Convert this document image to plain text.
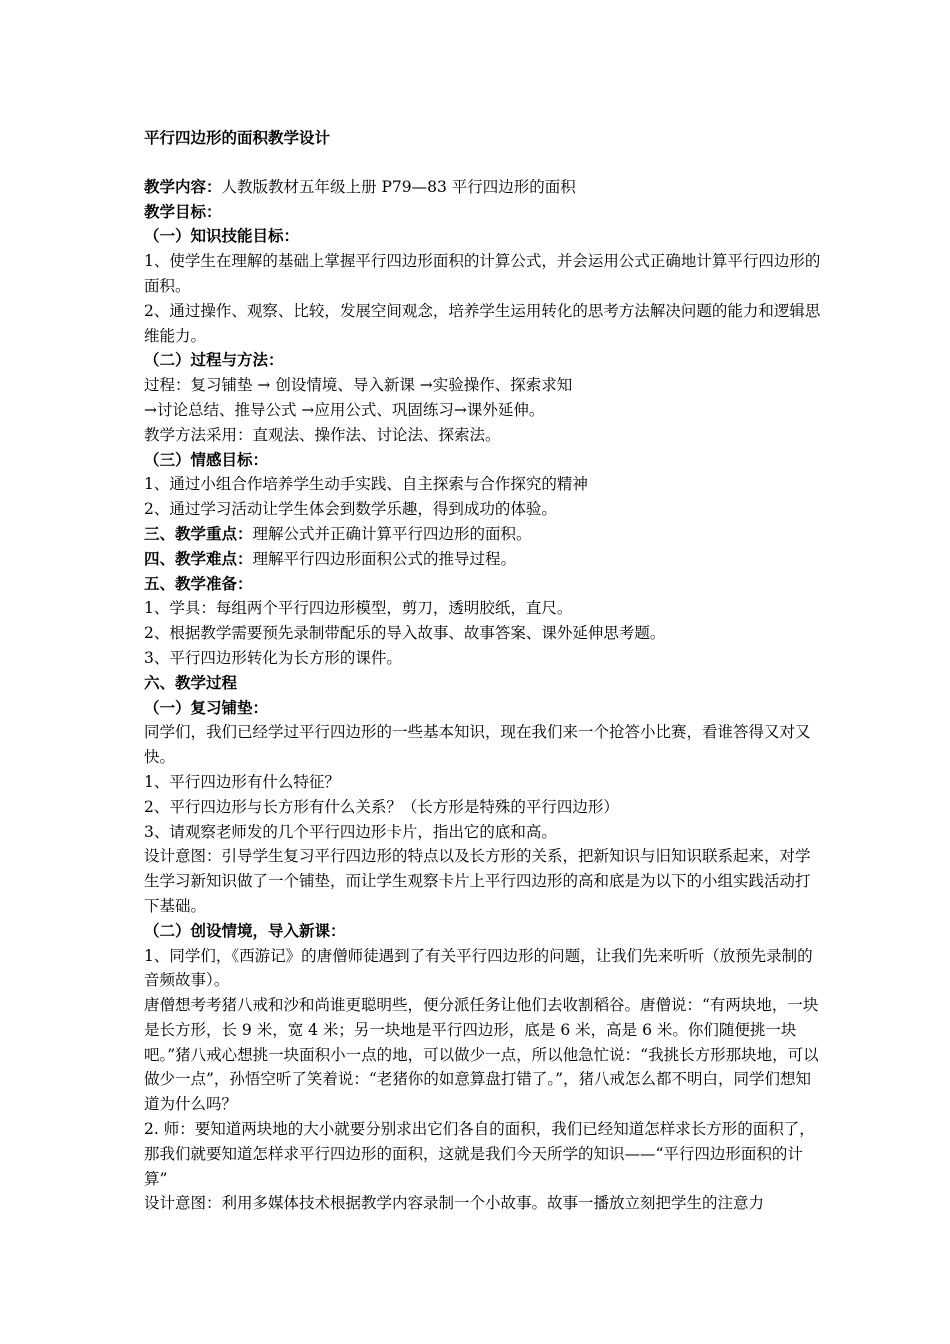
平行四边形的面积教学设计

教学内容：人教版教材五年级上册 P79—83 平行四边形的面积

教学目标：

（一）知识技能目标：

1、使学生在理解的基础上掌握平行四边形面积的计算公式，并会运用公式正确地计算平行四边形的面积。

2、通过操作、观察、比较，发展空间观念，培养学生运用转化的思考方法解决问题的能力和逻辑思维能力。

（二）过程与方法：

过程：复习铺垫 → 创设情境、导入新课 →实验操作、探索求知

→讨论总结、推导公式 →应用公式、巩固练习→课外延伸。

教学方法采用：直观法、操作法、讨论法、探索法。

（三）情感目标：

1、通过小组合作培养学生动手实践、自主探索与合作探究的精神

2、通过学习活动让学生体会到数学乐趣，得到成功的体验。

三、教学重点：理解公式并正确计算平行四边形的面积。

四、教学难点：理解平行四边形面积公式的推导过程。

五、教学准备：

1、学具：每组两个平行四边形模型，剪刀，透明胶纸，直尺。

2、根据教学需要预先录制带配乐的导入故事、故事答案、课外延伸思考题。

3、平行四边形转化为长方形的课件。

六、教学过程

（一）复习铺垫：

同学们，我们已经学过平行四边形的一些基本知识，现在我们来一个抢答小比赛，看谁答得又对又快。

1、平行四边形有什么特征？

2、平行四边形与长方形有什么关系？（长方形是特殊的平行四边形）

3、请观察老师发的几个平行四边形卡片，指出它的底和高。

设计意图：引导学生复习平行四边形的特点以及长方形的关系，把新知识与旧知识联系起来，对学生学习新知识做了一个铺垫，而让学生观察卡片上平行四边形的高和底是为以下的小组实践活动打下基础。

（二）创设情境，导入新课：

1、同学们，《西游记》的唐僧师徒遇到了有关平行四边形的问题，让我们先来听听（放预先录制的音频故事）。

唐僧想考考猪八戒和沙和尚谁更聪明些，便分派任务让他们去收割稻谷。唐僧说：“有两块地，一块是长方形，长 9 米，宽 4 米；另一块地是平行四边形，底是 6 米，高是 6 米。你们随便挑一块吧。”猪八戒心想挑一块面积小一点的地，可以做少一点，所以他急忙说：“我挑长方形那块地，可以做少一点”，孙悟空听了笑着说：“老猪你的如意算盘打错了。”，猪八戒怎么都不明白，同学们想知道为什么吗？

2. 师：要知道两块地的大小就要分别求出它们各自的面积，我们已经知道怎样求长方形的面积了，那我们就要知道怎样求平行四边形的面积，这就是我们今天所学的知识——“平行四边形面积的计算”

设计意图：利用多媒体技术根据教学内容录制一个小故事。故事一播放立刻把学生的注意力
